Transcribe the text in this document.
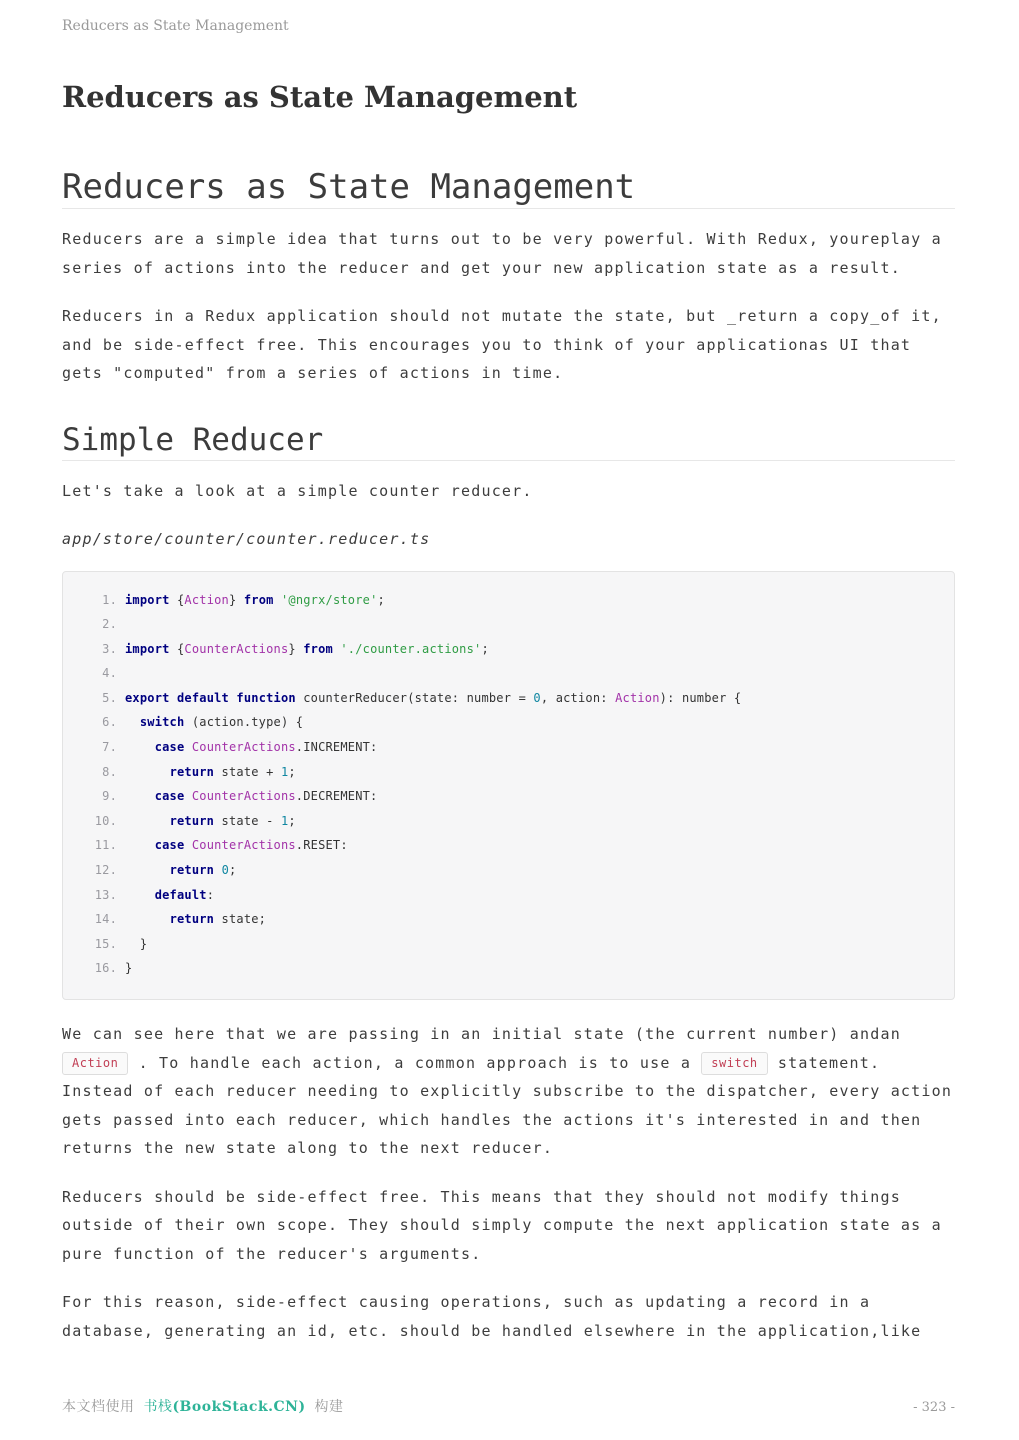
Reducers as State Management
Reducers as State Management
Reducers as State Management

Reducers are a simple idea that turns out to be very powerful. With Redux, youreplay a series of actions into the reducer and get your new application state as a result.

Reducers in a Redux application should not mutate the state, but _return a copy_of it, and be side-effect free. This encourages you to think of your applicationas UI that gets "computed" from a series of actions in time.

Simple Reducer

Let's take a look at a simple counter reducer.

app/store/counter/counter.reducer.ts

1. import {Action} from '@ngrx/store';
2.
3. import {CounterActions} from './counter.actions';
4.
5. export default function counterReducer(state: number = 0, action: Action): number {
6.	switch (action.type) {
7.	case CounterActions.INCREMENT:
8.	return state + 1;
9.	case CounterActions.DECREMENT:
10.	return state - 1;
11.	case CounterActions.RESET:
12.	return 0;
13.	default:
14.	return state;
15. }
16. }

We can see here that we are passing in an initial state (the current number) andan Action . To handle each action, a common approach is to use a switch statement. Instead of each reducer needing to explicitly subscribe to the dispatcher, every action gets passed into each reducer, which handles the actions it's interested in and then returns the new state along to the next reducer.

Reducers should be side-effect free. This means that they should not modify things outside of their own scope. They should simply compute the next application state as a pure function of the reducer's arguments.

For this reason, side-effect causing operations, such as updating a record in a database, generating an id, etc. should be handled elsewhere in the application,like

本文档使用 书栈(BookStack.CN) 构建	- 323 -
